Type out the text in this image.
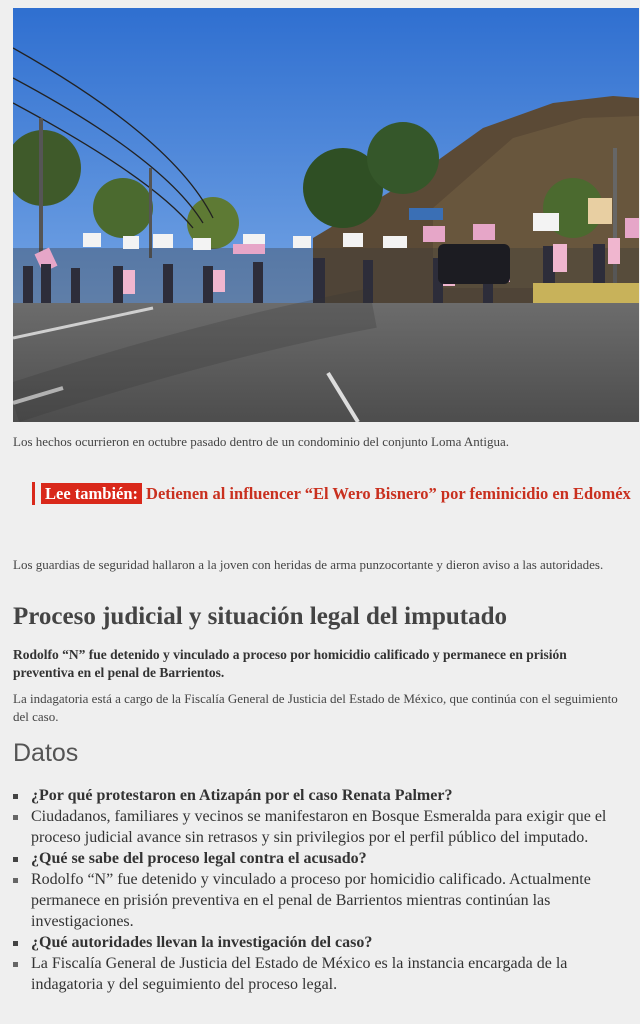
Los hechos ocurrieron en octubre pasado dentro de un condominio del conjunto Loma Antigua.
Lee también: Detienen al influencer “El Wero Bisnero” por feminicidio en Edoméx
Los guardias de seguridad hallaron a la joven con heridas de arma punzocortante y dieron aviso a las autoridades.
Proceso judicial y situación legal del imputado
Rodolfo “N” fue detenido y vinculado a proceso por homicidio calificado y permanece en prisión preventiva en el penal de Barrientos.
La indagatoria está a cargo de la Fiscalía General de Justicia del Estado de México, que continúa con el seguimiento del caso.
Datos

¿Por qué protestaron en Atizapán por el caso Renata Palmer?

Ciudadanos, familiares y vecinos se manifestaron en Bosque Esmeralda para exigir que el proceso judicial avance sin retrasos y sin privilegios por el perfil público del imputado.

¿Qué se sabe del proceso legal contra el acusado?

Rodolfo “N” fue detenido y vinculado a proceso por homicidio calificado. Actualmente permanece en prisión preventiva en el penal de Barrientos mientras continúan las investigaciones.

¿Qué autoridades llevan la investigación del caso?

La Fiscalía General de Justicia del Estado de México es la instancia encargada de la indagatoria y del seguimiento del proceso legal.
